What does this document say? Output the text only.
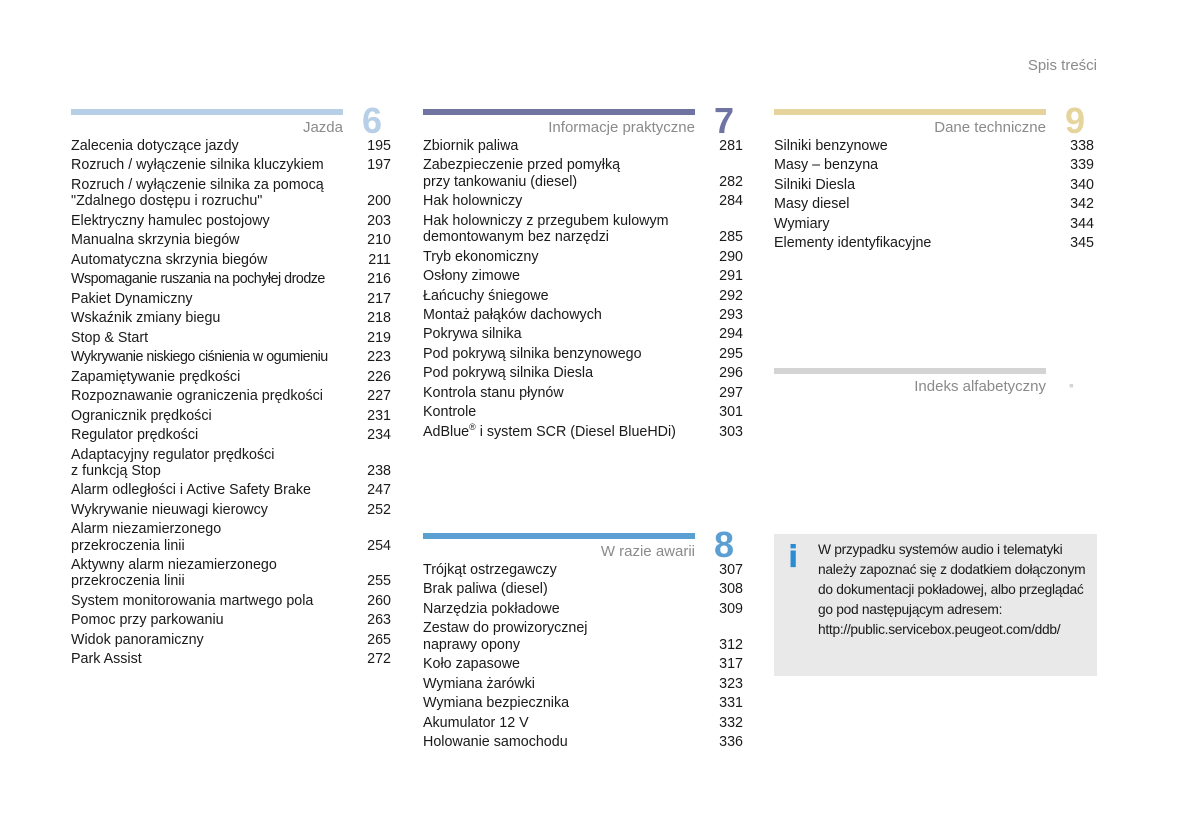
Spis treści
Jazda 6
Zalecenia dotyczące jazdy	195
Rozruch / wyłączenie silnika kluczykiem	197
Rozruch / wyłączenie silnika za pomocą
"Zdalnego dostępu i rozruchu"	200
Elektryczny hamulec postojowy	203
Manualna skrzynia biegów	210
Automatyczna skrzynia biegów	211
Wspomaganie ruszania na pochyłej drodze	216
Pakiet Dynamiczny	217
Wskaźnik zmiany biegu	218
Stop & Start	219
Wykrywanie niskiego ciśnienia w ogumieniu	223
Zapamiętywanie prędkości	226
Rozpoznawanie ograniczenia prędkości	227
Ogranicznik prędkości	231
Regulator prędkości	234
Adaptacyjny regulator prędkości
z funkcją Stop	238
Alarm odległości i Active Safety Brake	247
Wykrywanie nieuwagi kierowcy	252
Alarm niezamierzonego
przekroczenia linii	254
Aktywny alarm niezamierzonego
przekroczenia linii	255
System monitorowania martwego pola	260
Pomoc przy parkowaniu	263
Widok panoramiczny	265
Park Assist	272
Informacje praktyczne 7
Zbiornik paliwa	281
Zabezpieczenie przed pomyłką
przy tankowaniu (diesel)	282
Hak holowniczy	284
Hak holowniczy z przegubem kulowym
demontowanym bez narzędzi	285
Tryb ekonomiczny	290
Osłony zimowe	291
Łańcuchy śniegowe	292
Montaż pałąków dachowych	293
Pokrywa silnika	294
Pod pokrywą silnika benzynowego	295
Pod pokrywą silnika Diesla	296
Kontrola stanu płynów	297
Kontrole	301
AdBlue® i system SCR (Diesel BlueHDi)	303
W razie awarii 8
Trójkąt ostrzegawczy	307
Brak paliwa (diesel)	308
Narzędzia pokładowe	309
Zestaw do prowizorycznej
naprawy opony	312
Koło zapasowe	317
Wymiana żarówki	323
Wymiana bezpiecznika	331
Akumulator 12 V	332
Holowanie samochodu	336
Dane techniczne 9
Silniki benzynowe	338
Masy – benzyna	339
Silniki Diesla	340
Masy diesel	342
Wymiary	344
Elementy identyfikacyjne	345
Indeks alfabetyczny ▪
i W przypadku systemów audio i telematyki należy zapoznać się z dodatkiem dołączonym do dokumentacji pokładowej, albo przeglądać go pod następującym adresem: http://public.servicebox.peugeot.com/ddb/
